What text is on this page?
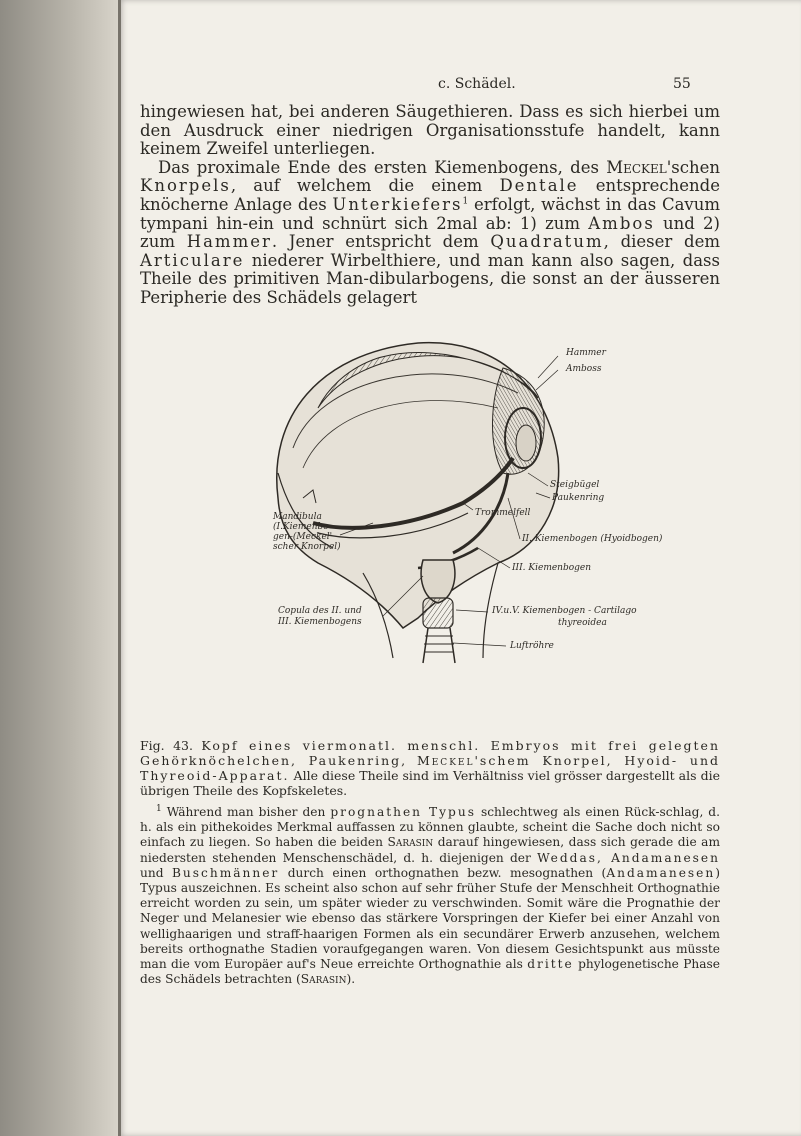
c. Schädel.	55

hingewiesen hat, bei anderen Säugethieren. Dass es sich hierbei um den Ausdruck einer niedrigen Organisationsstufe handelt, kann keinem Zweifel unterliegen.

Das proximale Ende des ersten Kiemenbogens, des Meckel'schen Knorpels, auf welchem die einem Dentale entsprechende knöcherne Anlage des Unterkiefers$^1$ erfolgt, wächst in das Cavum tympani hin-ein und schnürt sich 2mal ab: 1) zum Ambos und 2) zum Hammer. Jener entspricht dem Quadratum, dieser dem Articulare niederer Wirbelthiere, und man kann also sagen, dass Theile des primitiven Man-dibularbogens, die sonst an der äusseren Peripherie des Schädels gelagert

Hammer
Amboss
Steigbügel
Paukenring
Trommelfell
Mandibula
(I.Kiemenbo-
gen-(Meckel'
scher Knorpel)
II. Kiemenbogen (Hyoidbogen)
III. Kiemenbogen
Copula des II. und
III. Kiemenbogens
IV.u.V. Kiemenbogen - Cartilago
thyreoidea
Luftröhre
Fig. 43. Kopf eines viermonatl. menschl. Embryos mit frei gelegten Gehörknöchelchen, Paukenring, Meckel'schem Knorpel, Hyoid- und Thyreoid-Apparat. Alle diese Theile sind im Verhältniss viel grösser dargestellt als die übrigen Theile des Kopfskeletes.

$^1$ Während man bisher den prognathen Typus schlechtweg als einen Rück-schlag, d. h. als ein pithekoides Merkmal auffassen zu können glaubte, scheint die Sache doch nicht so einfach zu liegen. So haben die beiden Sarasin darauf hingewiesen, dass sich gerade die am niedersten stehenden Menschenschädel, d. h. diejenigen der Weddas, Andamanesen und Buschmänner durch einen orthognathen bezw. mesognathen (Andamanesen) Typus auszeichnen. Es scheint also schon auf sehr früher Stufe der Menschheit Orthognathie erreicht worden zu sein, um später wieder zu verschwinden. Somit wäre die Prognathie der Neger und Melanesier wie ebenso das stärkere Vorspringen der Kiefer bei einer Anzahl von wellighaarigen und straff-haarigen Formen als ein secundärer Erwerb anzusehen, welchem bereits orthognathe Stadien voraufgegangen waren. Von diesem Gesichtspunkt aus müsste man die vom Europäer auf's Neue erreichte Orthognathie als dritte phylogenetische Phase des Schädels betrachten (Sarasin).
